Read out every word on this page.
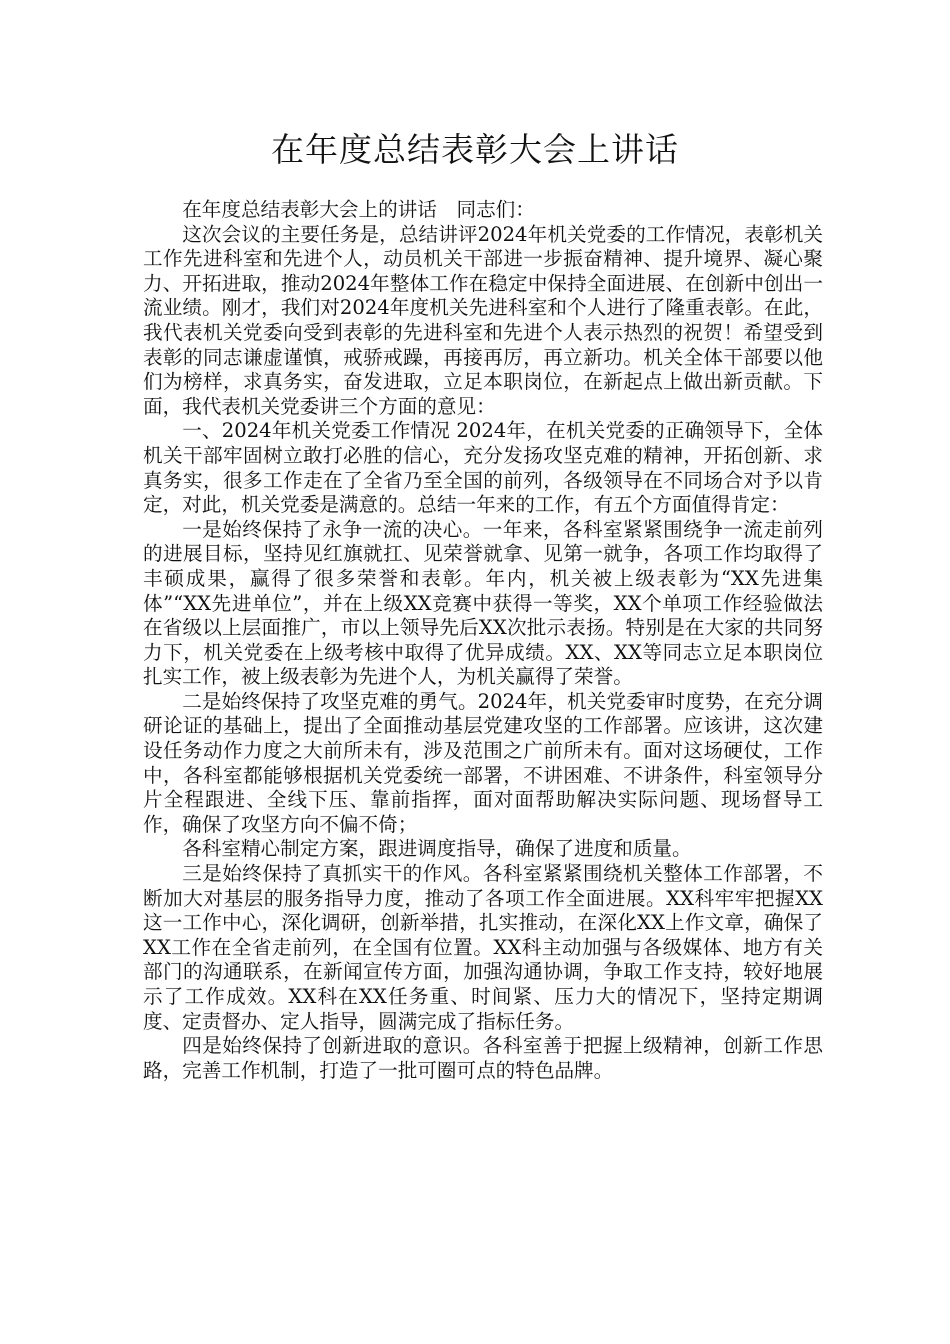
在年度总结表彰大会上讲话

在年度总结表彰大会上的讲话　同志们：

这次会议的主要任务是，总结讲评2024年机关党委的工作情况，表彰机关工作先进科室和先进个人，动员机关干部进一步振奋精神、提升境界、凝心聚力、开拓进取，推动2024年整体工作在稳定中保持全面进展、在创新中创出一流业绩。刚才，我们对2024年度机关先进科室和个人进行了隆重表彰。在此，我代表机关党委向受到表彰的先进科室和先进个人表示热烈的祝贺！希望受到表彰的同志谦虚谨慎，戒骄戒躁，再接再厉，再立新功。机关全体干部要以他们为榜样，求真务实，奋发进取，立足本职岗位，在新起点上做出新贡献。下面，我代表机关党委讲三个方面的意见：

一、2024年机关党委工作情况 2024年，在机关党委的正确领导下，全体机关干部牢固树立敢打必胜的信心，充分发扬攻坚克难的精神，开拓创新、求真务实，很多工作走在了全省乃至全国的前列，各级领导在不同场合对予以肯定，对此，机关党委是满意的。总结一年来的工作，有五个方面值得肯定：

一是始终保持了永争一流的决心。一年来，各科室紧紧围绕争一流走前列的进展目标，坚持见红旗就扛、见荣誉就拿、见第一就争，各项工作均取得了丰硕成果，赢得了很多荣誉和表彰。年内，机关被上级表彰为“XX先进集体”“XX先进单位”，并在上级XX竞赛中获得一等奖，XX个单项工作经验做法在省级以上层面推广，市以上领导先后XX次批示表扬。特别是在大家的共同努力下，机关党委在上级考核中取得了优异成绩。XX、XX等同志立足本职岗位扎实工作，被上级表彰为先进个人，为机关赢得了荣誉。

二是始终保持了攻坚克难的勇气。2024年，机关党委审时度势，在充分调研论证的基础上，提出了全面推动基层党建攻坚的工作部署。应该讲，这次建设任务动作力度之大前所未有，涉及范围之广前所未有。面对这场硬仗，工作中，各科室都能够根据机关党委统一部署，不讲困难、不讲条件，科室领导分片全程跟进、全线下压、靠前指挥，面对面帮助解决实际问题、现场督导工作，确保了攻坚方向不偏不倚；

各科室精心制定方案，跟进调度指导，确保了进度和质量。

三是始终保持了真抓实干的作风。各科室紧紧围绕机关整体工作部署，不断加大对基层的服务指导力度，推动了各项工作全面进展。XX科牢牢把握XX这一工作中心，深化调研，创新举措，扎实推动，在深化XX上作文章，确保了XX工作在全省走前列，在全国有位置。XX科主动加强与各级媒体、地方有关部门的沟通联系，在新闻宣传方面，加强沟通协调，争取工作支持，较好地展示了工作成效。XX科在XX任务重、时间紧、压力大的情况下，坚持定期调度、定责督办、定人指导，圆满完成了指标任务。

四是始终保持了创新进取的意识。各科室善于把握上级精神，创新工作思路，完善工作机制，打造了一批可圈可点的特色品牌。
